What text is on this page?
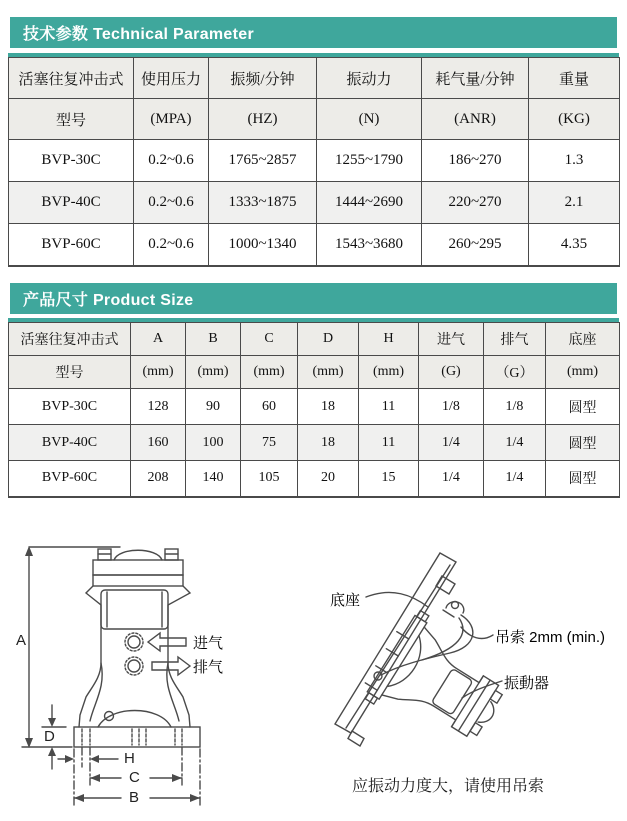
技术参数 Technical Parameter
活塞往复冲击式	使用压力	振频/分钟	振动力	耗气量/分钟	重量
型号	(MPA)	(HZ)	(N)	(ANR)	(KG)
BVP-30C	0.2~0.6	1765~2857	1255~1790	186~270	1.3
BVP-40C	0.2~0.6	1333~1875	1444~2690	220~270	2.1
BVP-60C	0.2~0.6	1000~1340	1543~3680	260~295	4.35
产品尺寸 Product Size
活塞往复冲击式	A	B	C	D	H	进气	排气	底座
型号	(mm)	(mm)	(mm)	(mm)	(mm)	(G)	（G）	(mm)
BVP-30C	128	90	60	18	11	1/8	1/8	圆型
BVP-40C	160	100	75	18	11	1/4	1/4	圆型
BVP-60C	208	140	105	20	15	1/4	1/4	圆型
A
D
H
C
B
进气
排气
底座
吊索 2mm (min.)
振動器
应振动力度大，请使用吊索
